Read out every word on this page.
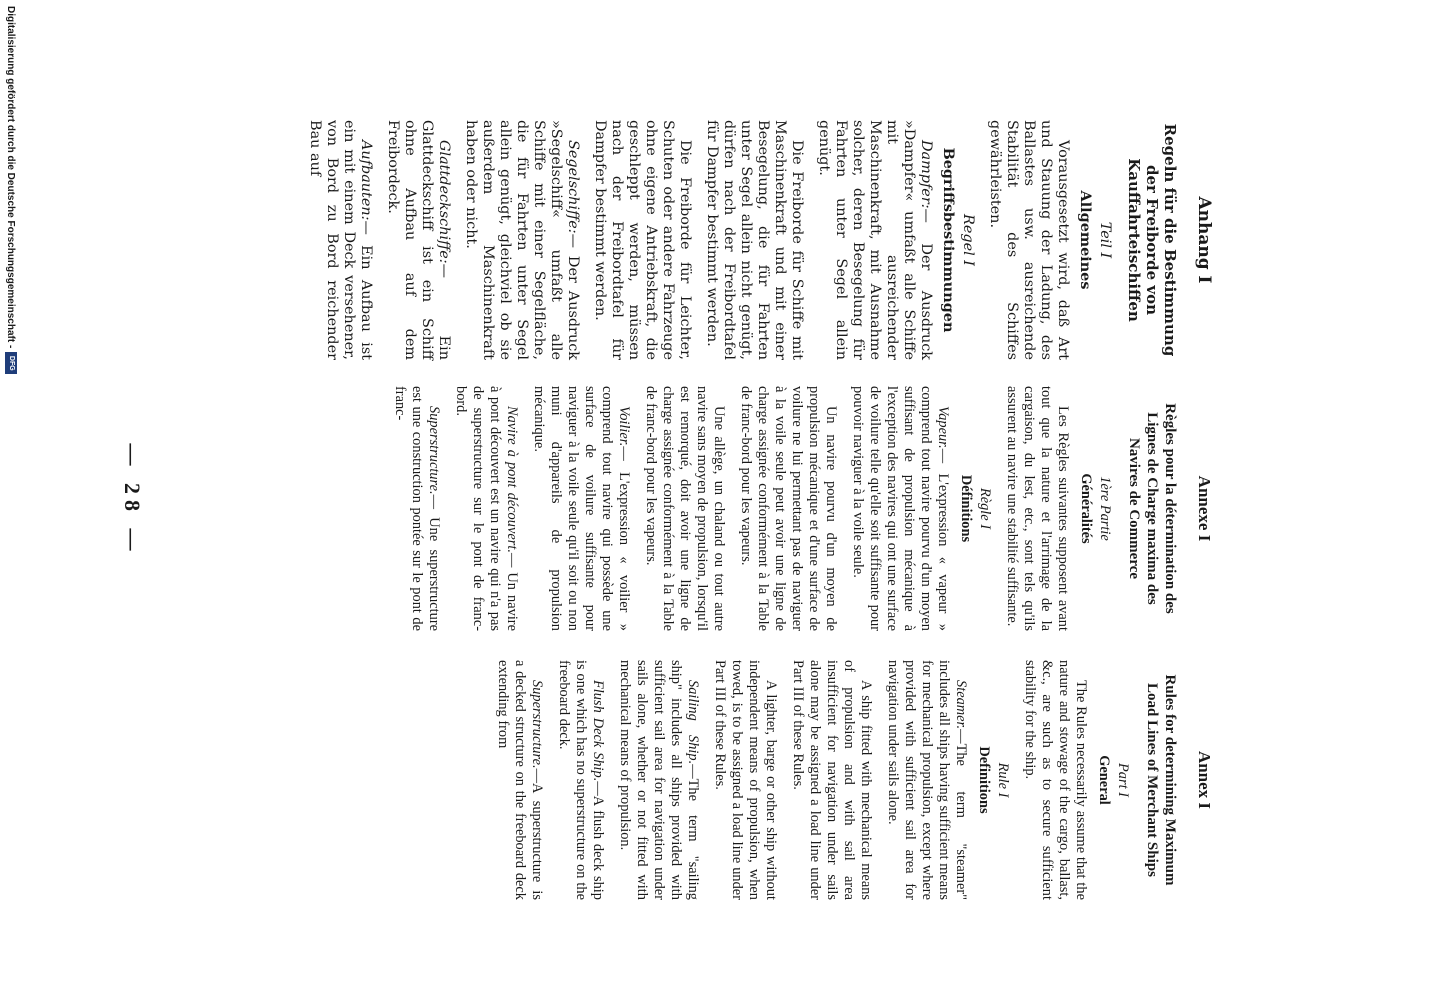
— 28 —
Annex I
Rules for determining Maximum Load Lines of Merchant Ships
Part I
General

The Rules necessarily assume that the nature and stowage of the cargo, ballast, &c., are such as to secure sufficient stability for the ship.

Rule I
Definitions

Steamer.—The term "steamer" includes all ships having sufficient means for mechanical propulsion, except where provided with sufficient sail area for navigation under sails alone.

A ship fitted with mechanical means of propulsion and with sail area insufficient for navigation under sails alone may be assigned a load line under Part III of these Rules.

A lighter, barge or other ship without independent means of propulsion, when towed, is to be assigned a load line under Part III of these Rules.

Sailing Ship.—The term "sailing ship" includes all ships provided with sufficient sail area for navigation under sails alone, whether or not fitted with mechanical means of propulsion.

Flush Deck Ship.—A flush deck ship is one which has no superstructure on the freeboard deck.

Superstructure.—A superstructure is a decked structure on the freeboard deck extending from

Annexe I
Règles pour la détermination des Lignes de Charge maxima des Navires de Commerce
1ère Partie
Généralités

Les Règles suivantes supposent avant tout que la nature et l'arrimage de la cargaison, du lest, etc., sont tels qu'ils assurent au navire une stabilité suffisante.

Règle I
Définitions

Vapeur.— L'expression « vapeur » comprend tout navire pourvu d'un moyen suffisant de propulsion mécanique à l'exception des navires qui ont une surface de voilure telle qu'elle soit suffisante pour pouvoir naviguer à la voile seule.

Un navire pourvu d'un moyen de propulsion mécanique et d'une surface de voilure ne lui permettant pas de naviguer à la voile seule peut avoir une ligne de charge assignée conformément à la Table de franc-bord pour les vapeurs.

Une allège, un chaland ou tout autre navire sans moyen de propulsion, lorsqu'il est remorqué, doit avoir une ligne de charge assignée conformément à la Table de franc-bord pour les vapeurs.

Voilier.— L'expression « voilier » comprend tout navire qui possède une surface de voilure suffisante pour naviguer à la voile seule qu'il soit ou non muni d'appareils de propulsion mécanique.

Navire à pont découvert.— Un navire à pont découvert est un navire qui n'a pas de superstructure sur le pont de franc-bord.

Superstructure.— Une superstructure est une construction pontée sur le pont de franc-

Anhang I
Regeln für die Bestimmung der Freiborde von Kauffahrteischiffen
Teil I
Allgemeines

Vorausgesetzt wird, daß Art und Stauung der Ladung, des Ballastes usw. ausreichende Stabilität des Schiffes gewährleisten.

Regel I
Begriffsbestimmungen

Dampfer:— Der Ausdruck »Dampfer« umfaßt alle Schiffe mit ausreichender Maschinenkraft, mit Ausnahme solcher, deren Besegelung für Fahrten unter Segel allein genügt.

Die Freiborde für Schiffe mit Maschinenkraft und mit einer Besegelung, die für Fahrten unter Segel allein nicht genügt, dürfen nach der Freibordtafel für Dampfer bestimmt werden.

Die Freiborde für Leichter, Schuten oder andere Fahrzeuge ohne eigene Antriebskraft, die geschleppt werden, müssen nach der Freibordtafel für Dampfer bestimmt werden.

Segelschiffe:— Der Ausdruck »Segelschiff« umfaßt alle Schiffe mit einer Segelfläche, die für Fahrten unter Segel allein genügt, gleichviel ob sie außerdem Maschinenkraft haben oder nicht.

Glattdeckschiffe:— Ein Glattdeckschiff ist ein Schiff ohne Aufbau auf dem Freibordeck.

Aufbauten:— Ein Aufbau ist ein mit einem Deck versehener, von Bord zu Bord reichender Bau auf

Digitalisierung gefördert durch die Deutsche Forschungsgemeinschaft -
DFG
